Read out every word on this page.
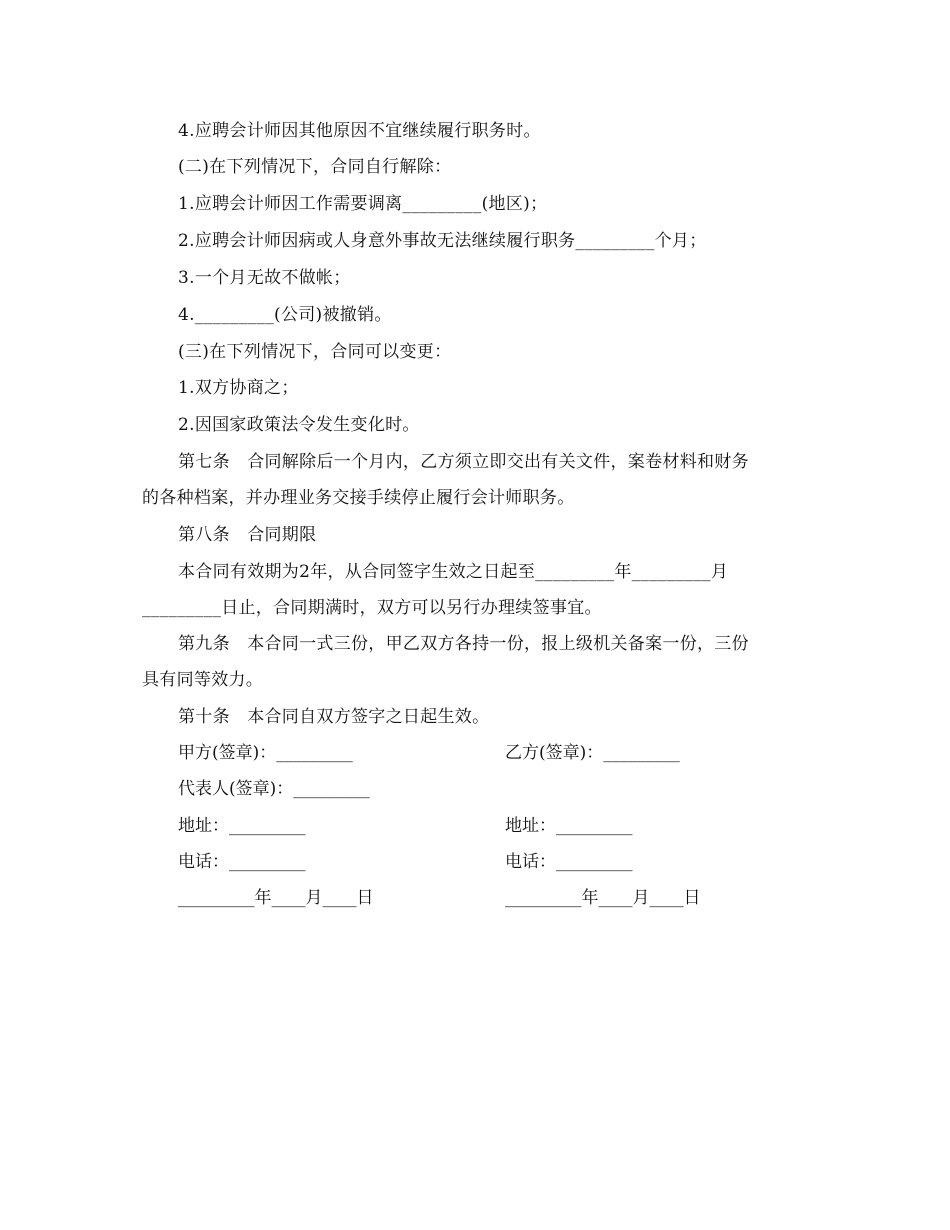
4.应聘会计师因其他原因不宜继续履行职务时。
(二)在下列情况下，合同自行解除：
1.应聘会计师因工作需要调离_________(地区)；
2.应聘会计师因病或人身意外事故无法继续履行职务_________个月；
3.一个月无故不做帐；
4._________(公司)被撤销。
(三)在下列情况下，合同可以变更：
1.双方协商之；
2.因国家政策法令发生变化时。
第七条　合同解除后一个月内，乙方须立即交出有关文件，案卷材料和财务
的各种档案，并办理业务交接手续停止履行会计师职务。
第八条　合同期限
本合同有效期为2年，从合同签字生效之日起至_________年_________月
_________日止，合同期满时，双方可以另行办理续签事宜。
第九条　本合同一式三份，甲乙双方各持一份，报上级机关备案一份，三份
具有同等效力。
第十条　本合同自双方签字之日起生效。
甲方(签章)：_________	乙方(签章)：_________
代表人(签章)：_________
地址：_________	地址：_________
电话：_________	电话：_________
_________年____月____日	_________年____月____日
